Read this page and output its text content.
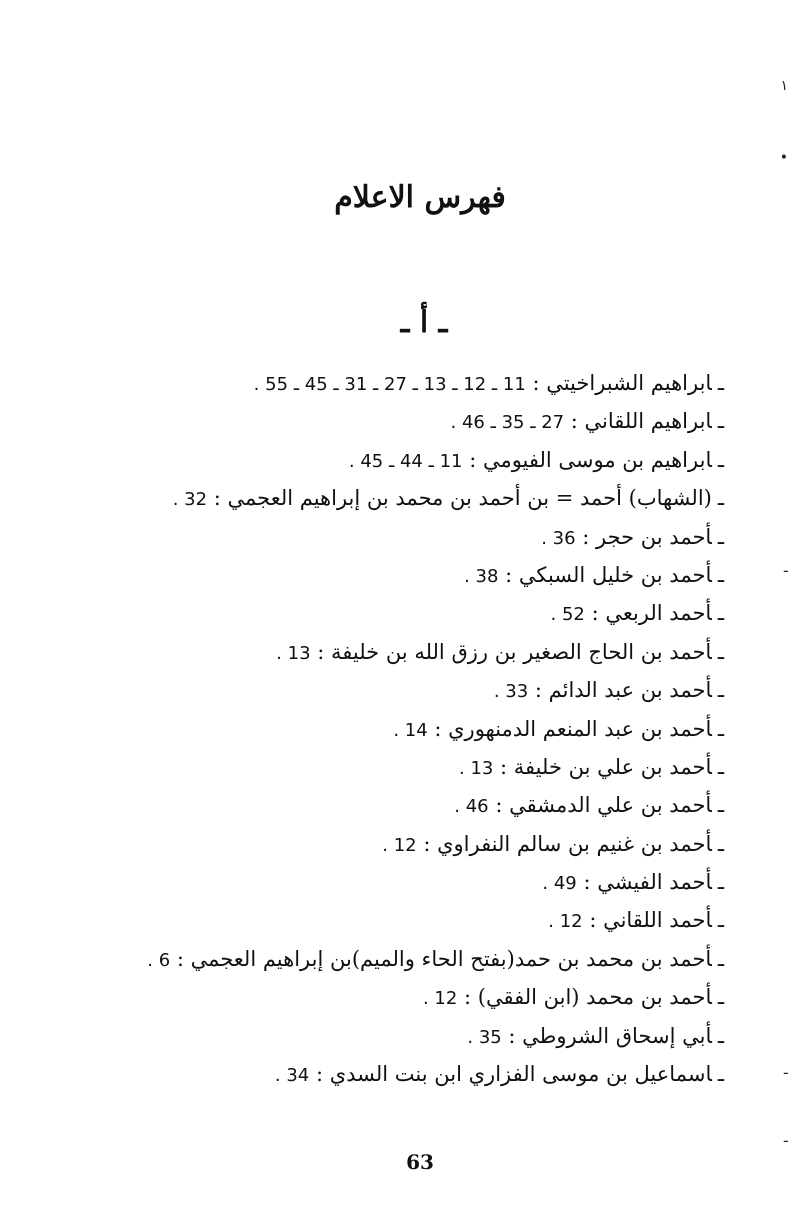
فهرس الاعلام
ـ أ ـ
ـابراهيم الشبراخيتي : 11 ـ 12 ـ 13 ـ 27 ـ 31 ـ 45 ـ 55 .
ـابراهيم اللقاني : 27 ـ 35 ـ 46 .
ـابراهيم بن موسى الفيومي : 11 ـ 44 ـ 45 .
ـ(الشهاب) أحمد = بن أحمد بن محمد بن إبراهيم العجمي : 32 .
ـأحمد بن حجر : 36 .
ـأحمد بن خليل السبكي : 38 .
ـأحمد الربعي : 52 .
ـأحمد بن الحاج الصغير بن رزق الله بن خليفة : 13 .
ـأحمد بن عبد الدائم : 33 .
ـأحمد بن عبد المنعم الدمنهوري : 14 .
ـأحمد بن علي بن خليفة : 13 .
ـأحمد بن علي الدمشقي : 46 .
ـأحمد بن غنيم بن سالم النفراوي : 12 .
ـأحمد الفيشي : 49 .
ـأحمد اللقاني : 12 .
ـأحمد بن محمد بن حمد(بفتح الحاء والميم)بن إبراهيم العجمي : 6 .
ـأحمد بن محمد (ابن الفقي) : 12 .
ـأبي إسحاق الشروطي : 35 .
ـاسماعيل بن موسى الفزاري ابن بنت السدي : 34 .
63
۱
•
ـ
ـ
ـ
